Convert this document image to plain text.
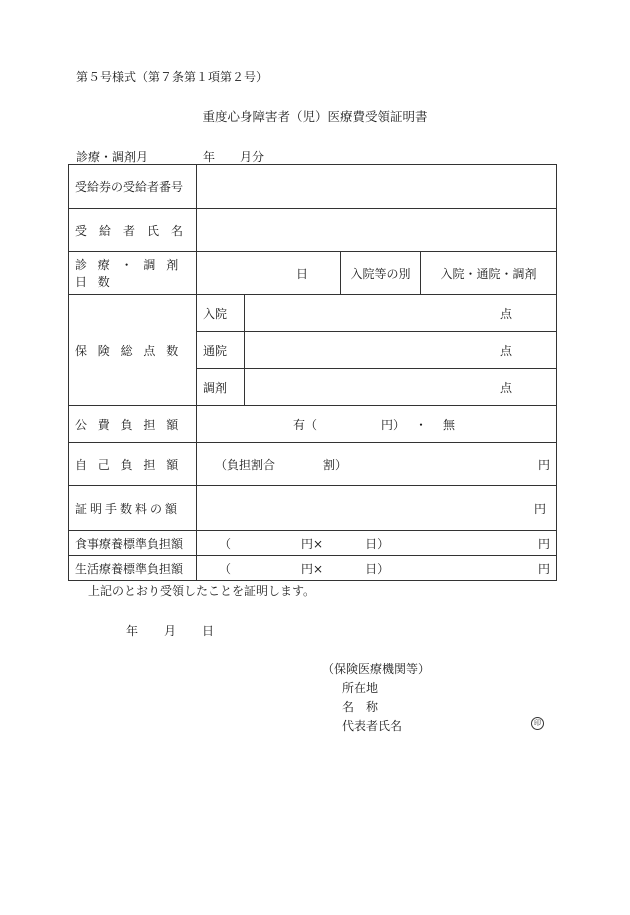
第５号様式（第７条第１項第２号）
重度心身障害者（児）医療費受領証明書
診療・調剤月	年 月分
受給券の受給者番号				
受　給　者　氏　名				
診療・調剤日数	日		入院等の別	入院・通院・調剤
保険総点数	入院	点		
	通院	点		
	調剤	点		
公費負担額	有（ 円） ・ 無			
自己負担額	（負担割合 割） 円			

証明手数料の額	円			
食事療養標準負担額	（ 円× 日） 円			

生活療養標準負担額	（ 円× 日） 円			
上記のとおり受領したことを証明します。
年 月 日
（保険医療機関等）
所在地
名　称
代表者氏名	印
